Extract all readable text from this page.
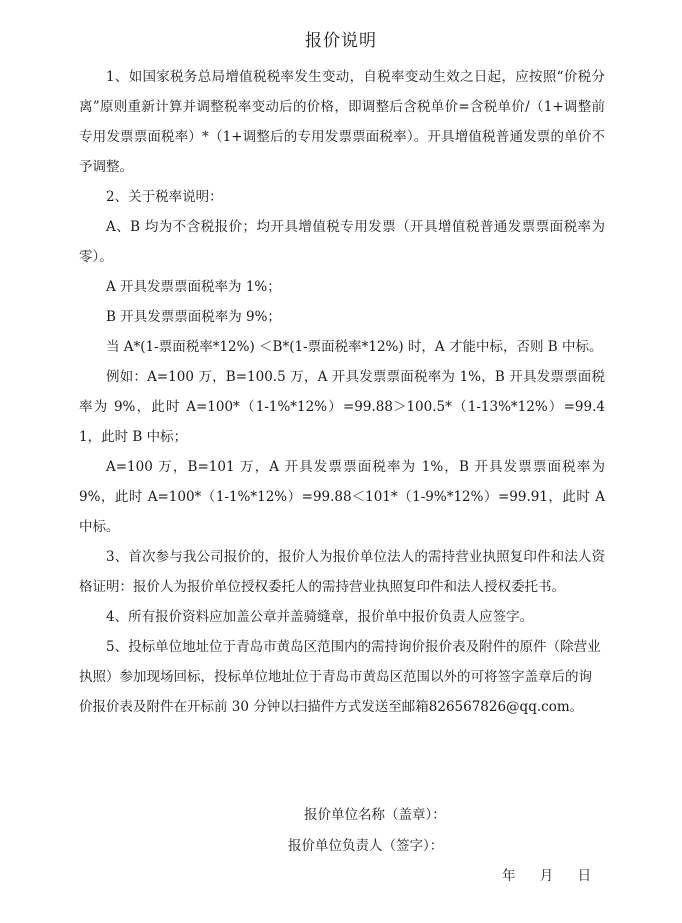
报价说明

1、如国家税务总局增值税税率发生变动，自税率变动生效之日起，应按照“价税分离”原则重新计算并调整税率变动后的价格，即调整后含税单价=含税单价/（1+调整前专用发票票面税率）*（1+调整后的专用发票票面税率）。开具增值税普通发票的单价不予调整。

2、关于税率说明：

A、B 均为不含税报价；均开具增值税专用发票（开具增值税普通发票票面税率为零）。

A 开具发票票面税率为 1%；

B 开具发票票面税率为 9%；

当 A*(1-票面税率*12%) ＜B*(1-票面税率*12%) 时，A 才能中标，否则 B 中标。

例如：A=100 万，B=100.5 万，A 开具发票票面税率为 1%，B 开具发票票面税率为 9%，此时 A=100*（1-1%*12%）=99.88＞100.5*（1-13%*12%）=99.41，此时 B 中标；

A=100 万，B=101 万，A 开具发票票面税率为 1%，B 开具发票票面税率为 9%，此时 A=100*（1-1%*12%）=99.88＜101*（1-9%*12%）=99.91，此时 A 中标。

3、首次参与我公司报价的，报价人为报价单位法人的需持营业执照复印件和法人资格证明：报价人为报价单位授权委托人的需持营业执照复印件和法人授权委托书。

4、所有报价资料应加盖公章并盖骑缝章，报价单中报价负责人应签字。

5、投标单位地址位于青岛市黄岛区范围内的需持询价报价表及附件的原件（除营业执照）参加现场回标，投标单位地址位于青岛市黄岛区范围以外的可将签字盖章后的询价报价表及附件在开标前 30 分钟以扫描件方式发送至邮箱826567826@qq.com。

报价单位名称（盖章）：
报价单位负责人（签字）：
年 月 日
